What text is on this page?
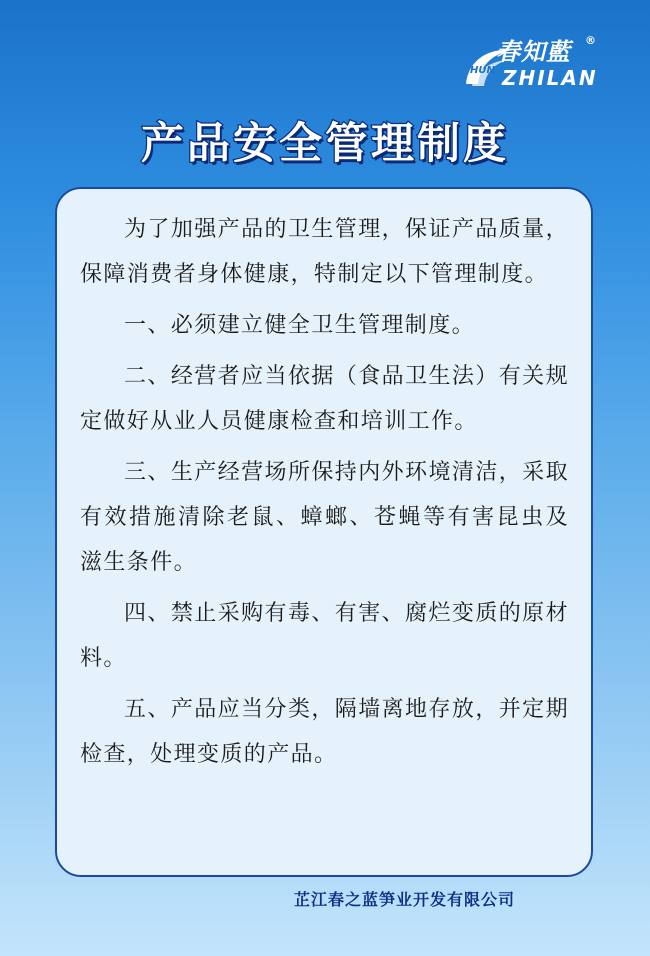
春知藍 ®
HUN ZHILAN
产品安全管理制度

为了加强产品的卫生管理，保证产品质量，保障消费者身体健康，特制定以下管理制度。

一、必须建立健全卫生管理制度。

二、经营者应当依据（食品卫生法）有关规定做好从业人员健康检查和培训工作。

三、生产经营场所保持内外环境清洁，采取有效措施清除老鼠、蟑螂、苍蝇等有害昆虫及滋生条件。

四、禁止采购有毒、有害、腐烂变质的原材料。

五、产品应当分类，隔墙离地存放，并定期检查，处理变质的产品。

芷江春之蓝笋业开发有限公司
